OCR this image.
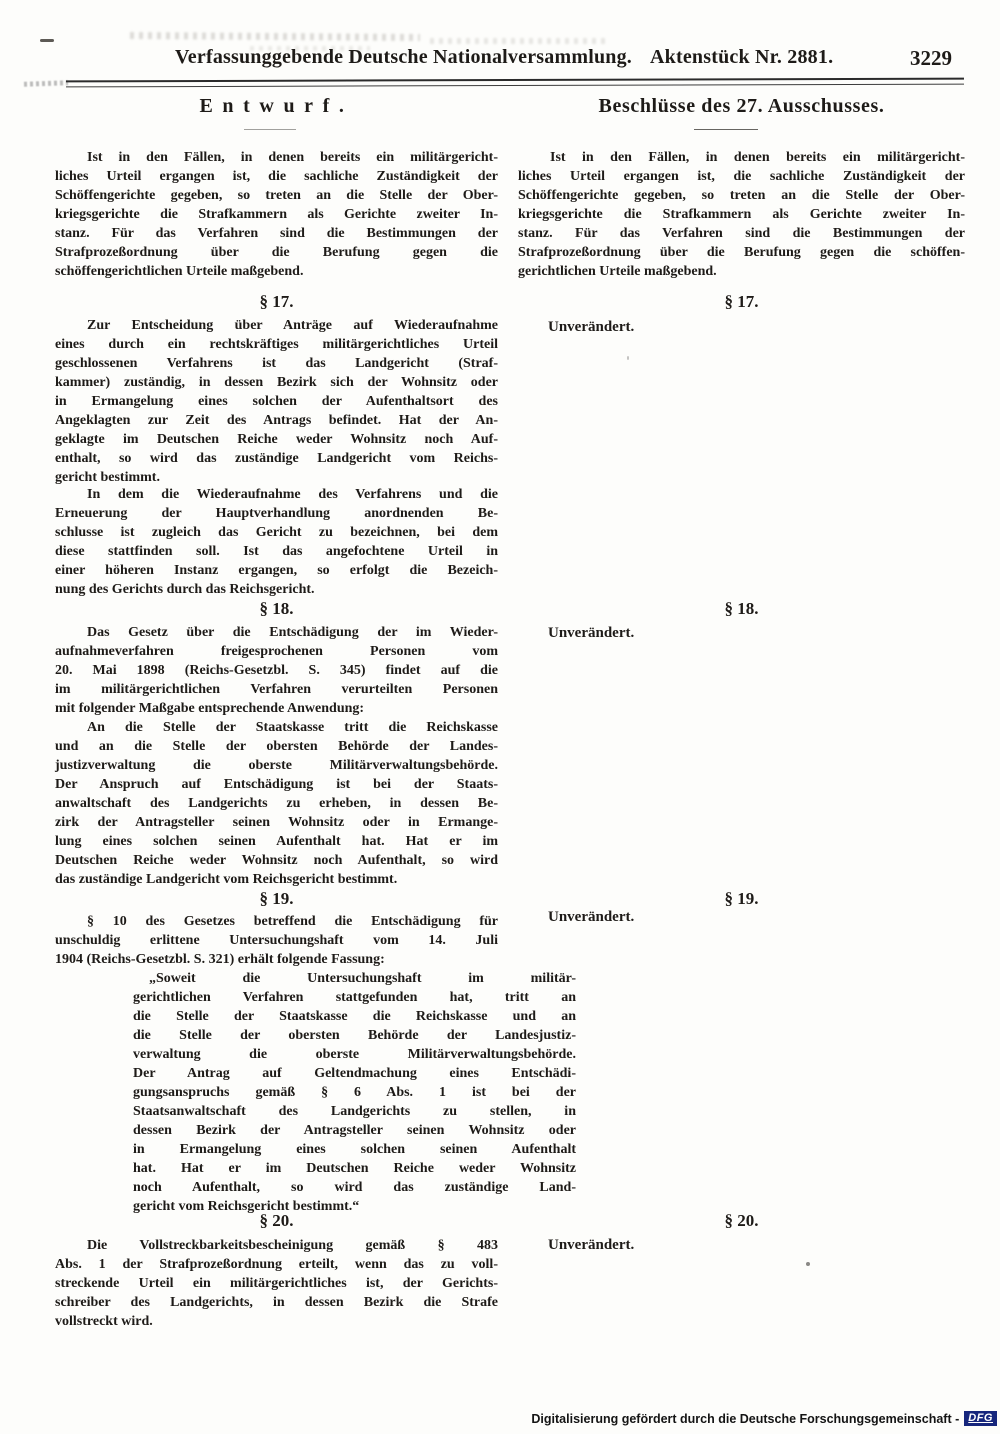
Verfassunggebende Deutsche Nationalversammlung. Aktenstück Nr. 2881.	3229
Entwurf.	Beschlüsse des 27. Ausschusses.
Ist in den Fällen, in denen bereits ein militärgericht-
liches Urteil ergangen ist, die sachliche Zuständigkeit der
Schöffengerichte gegeben, so treten an die Stelle der Ober-
kriegsgerichte die Strafkammern als Gerichte zweiter In-
stanz. Für das Verfahren sind die Bestimmungen der
Strafprozeßordnung über die Berufung gegen die
schöffengerichtlichen Urteile maßgebend.
§ 17.
Zur Entscheidung über Anträge auf Wiederaufnahme
eines durch ein rechtskräftiges militärgerichtliches Urteil
geschlossenen Verfahrens ist das Landgericht (Straf-
kammer) zuständig, in dessen Bezirk sich der Wohnsitz oder
in Ermangelung eines solchen der Aufenthaltsort des
Angeklagten zur Zeit des Antrags befindet. Hat der An-
geklagte im Deutschen Reiche weder Wohnsitz noch Auf-
enthalt, so wird das zuständige Landgericht vom Reichs-
gericht bestimmt.
In dem die Wiederaufnahme des Verfahrens und die
Erneuerung der Hauptverhandlung anordnenden Be-
schlusse ist zugleich das Gericht zu bezeichnen, bei dem
diese stattfinden soll. Ist das angefochtene Urteil in
einer höheren Instanz ergangen, so erfolgt die Bezeich-
nung des Gerichts durch das Reichsgericht.
§ 18.
Das Gesetz über die Entschädigung der im Wieder-
aufnahmeverfahren freigesprochenen Personen vom
20. Mai 1898 (Reichs-Gesetzbl. S. 345) findet auf die
im militärgerichtlichen Verfahren verurteilten Personen
mit folgender Maßgabe entsprechende Anwendung:
An die Stelle der Staatskasse tritt die Reichskasse
und an die Stelle der obersten Behörde der Landes-
justizverwaltung die oberste Militärverwaltungsbehörde.
Der Anspruch auf Entschädigung ist bei der Staats-
anwaltschaft des Landgerichts zu erheben, in dessen Be-
zirk der Antragsteller seinen Wohnsitz oder in Ermange-
lung eines solchen seinen Aufenthalt hat. Hat er im
Deutschen Reiche weder Wohnsitz noch Aufenthalt, so wird
das zuständige Landgericht vom Reichsgericht bestimmt.
§ 19.
§ 10 des Gesetzes betreffend die Entschädigung für
unschuldig erlittene Untersuchungshaft vom 14. Juli
1904 (Reichs-Gesetzbl. S. 321) erhält folgende Fassung:
„Soweit die Untersuchungshaft im militär-
gerichtlichen Verfahren stattgefunden hat, tritt an
die Stelle der Staatskasse die Reichskasse und an
die Stelle der obersten Behörde der Landesjustiz-
verwaltung die oberste Militärverwaltungsbehörde.
Der Antrag auf Geltendmachung eines Entschädi-
gungsanspruchs gemäß § 6 Abs. 1 ist bei der
Staatsanwaltschaft des Landgerichts zu stellen, in
dessen Bezirk der Antragsteller seinen Wohnsitz oder
in Ermangelung eines solchen seinen Aufenthalt
hat. Hat er im Deutschen Reiche weder Wohnsitz
noch Aufenthalt, so wird das zuständige Land-
gericht vom Reichsgericht bestimmt.“
§ 20.
Die Vollstreckbarkeitsbescheinigung gemäß § 483
Abs. 1 der Strafprozeßordnung erteilt, wenn das zu voll-
streckende Urteil ein militärgerichtliches ist, der Gerichts-
schreiber des Landgerichts, in dessen Bezirk die Strafe
vollstreckt wird.
Ist in den Fällen, in denen bereits ein militärgericht-
liches Urteil ergangen ist, die sachliche Zuständigkeit der
Schöffengerichte gegeben, so treten an die Stelle der Ober-
kriegsgerichte die Strafkammern als Gerichte zweiter In-
stanz. Für das Verfahren sind die Bestimmungen der
Strafprozeßordnung über die Berufung gegen die schöffen-
gerichtlichen Urteile maßgebend.
§ 17.
Unverändert.
§ 18.
Unverändert.
§ 19.
Unverändert.
§ 20.
Unverändert.
Digitalisierung gefördert durch die Deutsche Forschungsgemeinschaft - DFG
